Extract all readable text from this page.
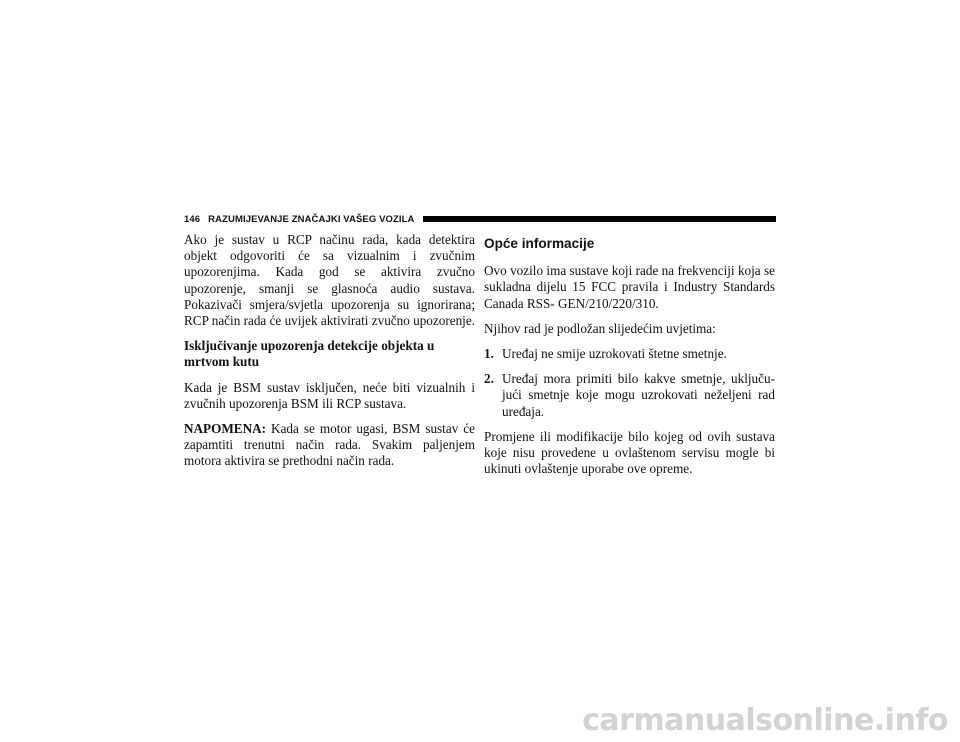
146 RAZUMIJEVANJE ZNAČAJKI VAŠEG VOZILA

Ako je sustav u RCP načinu rada, kada detektira objekt odgovoriti će sa vizualnim i zvučnim upozorenjima. Kada god se aktivira zvučno upozorenje, smanji se glasnoća audio sustava. Pokazivači smjera/svjetla upozorenja su ignorirana; RCP način rada će uvijek aktivirati zvučno upozorenje.

Isključivanje upozorenja detekcije objekta u mrtvom kutu

Kada je BSM sustav isključen, neće biti vizualnih i zvučnih upozorenja BSM ili RCP sustava.

NAPOMENA: Kada se motor ugasi, BSM sustav će zapamtiti trenutni način rada. Svakim paljenjem motora aktivira se prethodni način rada.

Opće informacije

Ovo vozilo ima sustave koji rade na frekvenciji koja se sukladna dijelu 15 FCC pravila i Industry Standards Canada RSS- GEN/210/220/310.

Njihov rad je podložan slijedećim uvjetima:

1. Uređaj ne smije uzrokovati štetne smetnje.
2. Uređaj mora primiti bilo kakve smetnje, uključujući smetnje koje mogu uzrokovati neželjeni rad uređaja.

Promjene ili modifikacije bilo kojeg od ovih sustava koje nisu provedene u ovlaštenom servisu mogle bi ukinuti ovlaštenje uporabe ove opreme.

carmanualsonline.info
